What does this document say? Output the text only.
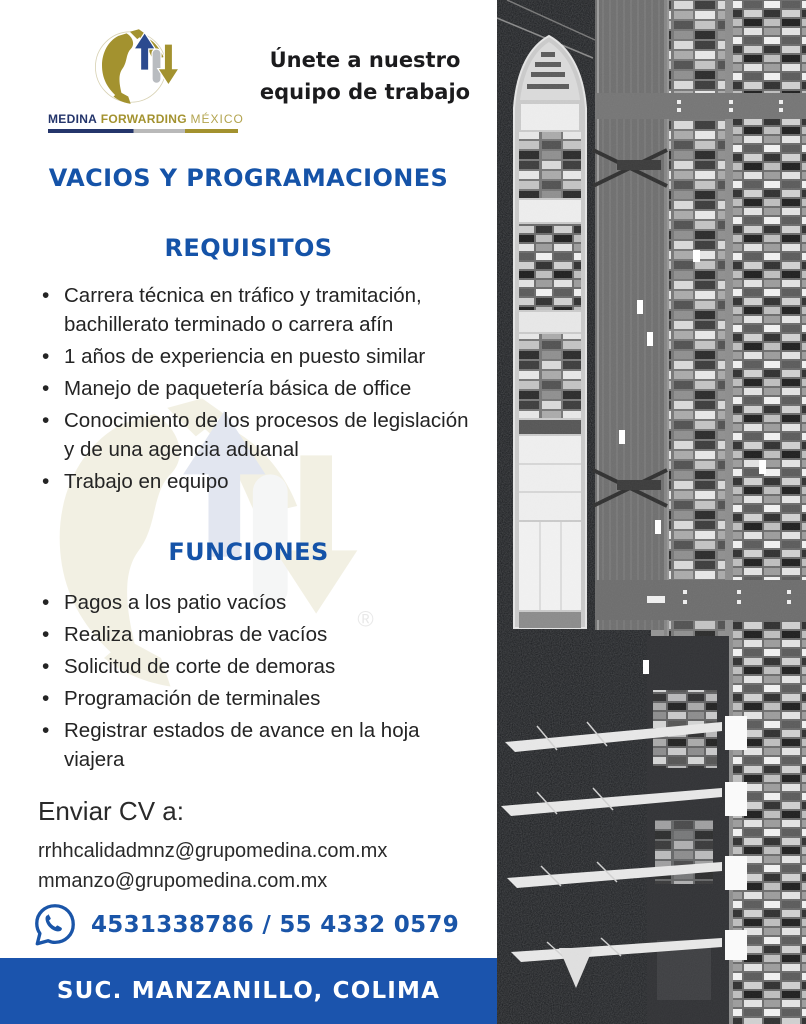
®
MEDINA FORWARDING MÉXICO
Únete a nuestro
equipo de trabajo
VACIOS Y PROGRAMACIONES
REQUISITOS
• Carrera técnica en tráfico y tramitación, bachillerato terminado o carrera afín
• 1 años de experiencia en puesto similar
• Manejo de paquetería básica de office
• Conocimiento de los procesos de legislación y de una agencia aduanal
• Trabajo en equipo
FUNCIONES
• Pagos a los patio vacíos
• Realiza maniobras de vacíos
• Solicitud de corte de demoras
• Programación de terminales
• Registrar estados de avance en la hoja viajera
Enviar CV a:
rrhhcalidadmnz@grupomedina.com.mx
mmanzo@grupomedina.com.mx
4531338786 / 55 4332 0579
SUC. MANZANILLO, COLIMA
